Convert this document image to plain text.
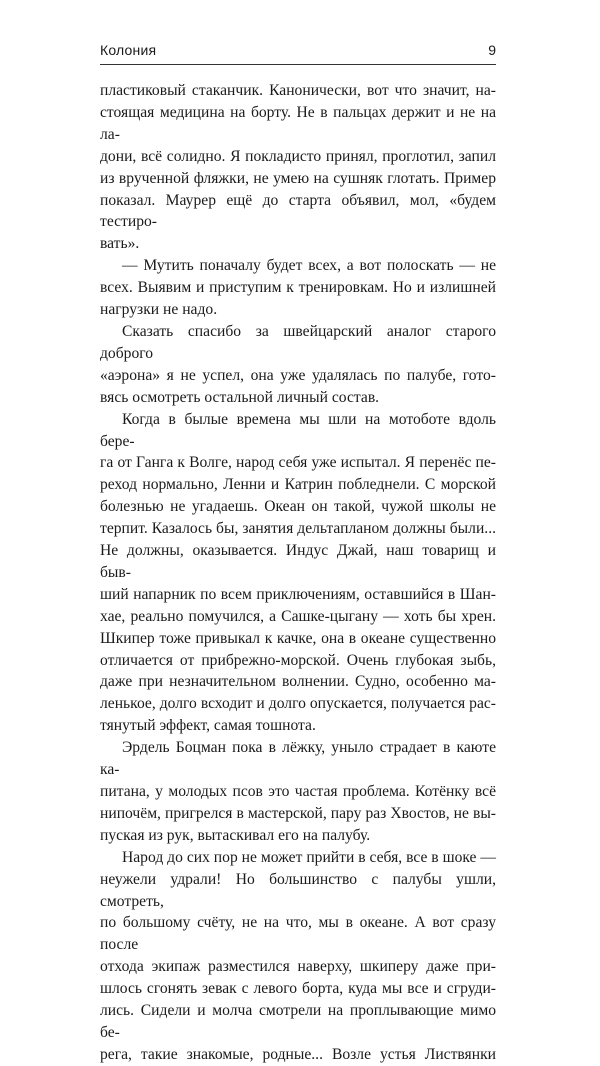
Колония	9

пластиковый стаканчик. Канонически, вот что значит, на-

стоящая медицина на борту. Не в пальцах держит и не на ла-

дони, всё солидно. Я покладисто принял, проглотил, запил

из врученной фляжки, не умею на сушняк глотать. Пример

показал. Маурер ещё до старта объявил, мол, «будем тестиро-

вать».

— Мутить поначалу будет всех, а вот полоскать — не

всех. Выявим и приступим к тренировкам. Но и излишней

нагрузки не надо.

Сказать спасибо за швейцарский аналог старого доброго

«аэрона» я не успел, она уже удалялась по палубе, гото-

вясь осмотреть остальной личный состав.

Когда в былые времена мы шли на мотоботе вдоль бере-

га от Ганга к Волге, народ себя уже испытал. Я перенёс пе-

реход нормально, Ленни и Катрин побледнели. С морской

болезнью не угадаешь. Океан он такой, чужой школы не

терпит. Казалось бы, занятия дельтапланом должны были...

Не должны, оказывается. Индус Джай, наш товарищ и быв-

ший напарник по всем приключениям, оставшийся в Шан-

хае, реально помучился, а Сашке-цыгану — хоть бы хрен.

Шкипер тоже привыкал к качке, она в океане существенно

отличается от прибрежно-морской. Очень глубокая зыбь,

даже при незначительном волнении. Судно, особенно ма-

ленькое, долго всходит и долго опускается, получается рас-

тянутый эффект, самая тошнота.

Эрдель Боцман пока в лёжку, уныло страдает в каюте ка-

питана, у молодых псов это частая проблема. Котёнку всё

нипочём, пригрелся в мастерской, пару раз Хвостов, не вы-

пуская из рук, вытаскивал его на палубу.

Народ до сих пор не может прийти в себя, все в шоке —

неужели удрали! Но большинство с палубы ушли, смотреть,

по большому счёту, не на что, мы в океане. А вот сразу после

отхода экипаж разместился наверху, шкиперу даже при-

шлось сгонять зевак с левого борта, куда мы все и сгруди-

лись. Сидели и молча смотрели на проплывающие мимо бе-

рега, такие знакомые, родные... Возле устья Листвянки
